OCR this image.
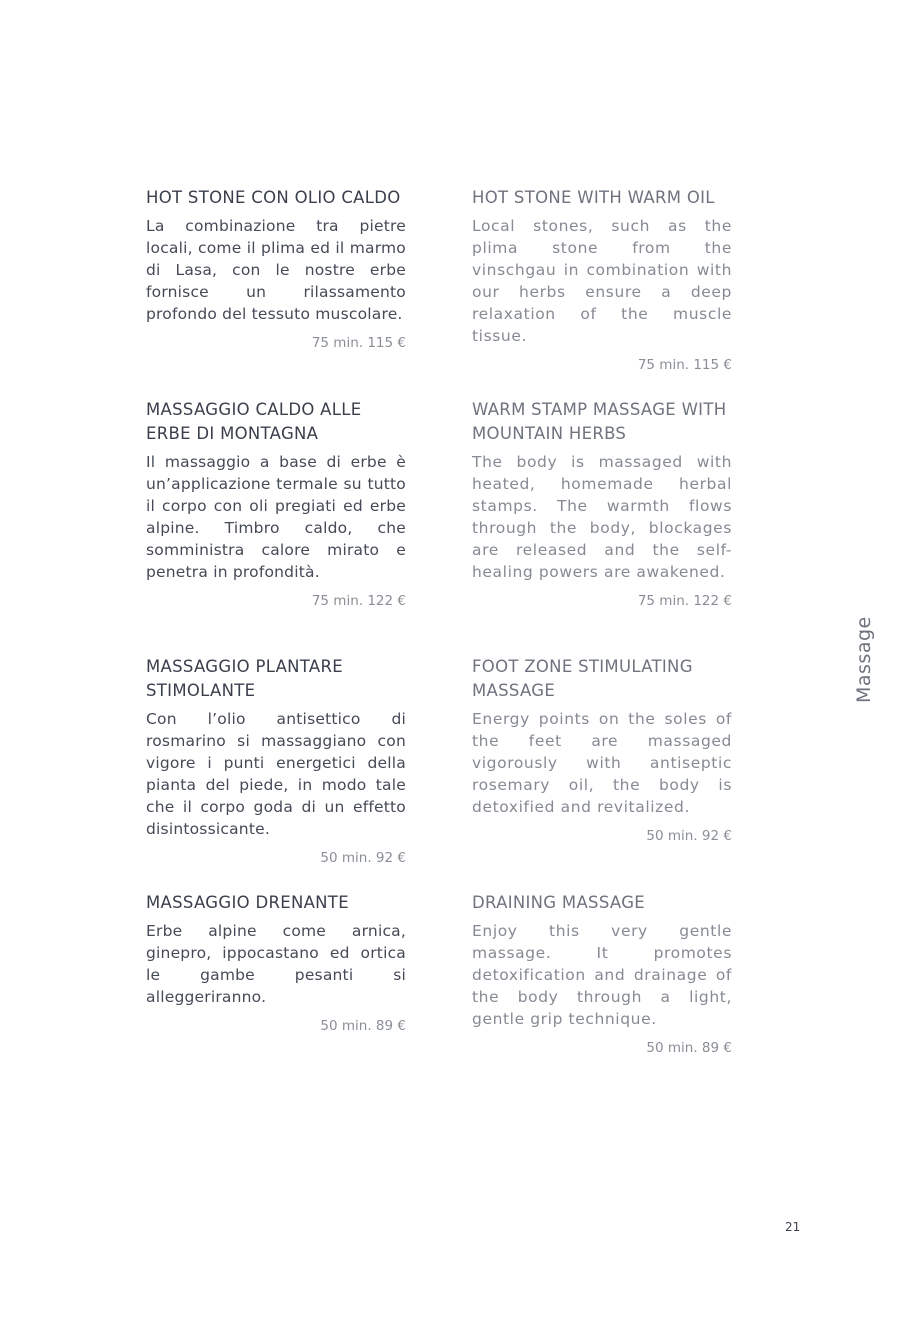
HOT STONE CON OLIO CALDO

La combinazione tra pietre locali, come il plima ed il marmo di Lasa, con le nostre erbe fornisce un rilassamento profondo del tessuto muscolare.

75 min. 115 €
MASSAGGIO CALDO ALLE ERBE DI MONTAGNA

Il massaggio a base di erbe è un’applicazione termale su tutto il corpo con oli pregiati ed erbe alpine. Timbro caldo, che somministra calore mirato e penetra in profondità.

75 min. 122 €
MASSAGGIO PLANTARE STIMOLANTE

Con l’olio antisettico di rosmarino si massaggiano con vigore i punti energetici della pianta del piede, in modo tale che il corpo goda di un effetto disintossicante.

50 min. 92 €
MASSAGGIO DRENANTE

Erbe alpine come arnica, ginepro, ippocastano ed ortica le gambe pesanti si alleggeriranno.

50 min. 89 €
HOT STONE WITH WARM OIL

Local stones, such as the plima stone from the vinschgau in combination with our herbs ensure a deep relaxation of the muscle tissue.

75 min. 115 €
WARM STAMP MASSAGE WITH MOUNTAIN HERBS

The body is massaged with heated, homemade herbal stamps. The warmth flows through the body, blockages are released and the self-healing powers are awakened.

75 min. 122 €
FOOT ZONE STIMULATING MASSAGE

Energy points on the soles of the feet are massaged vigorously with antiseptic rosemary oil, the body is detoxified and revitalized.

50 min. 92 €
DRAINING MASSAGE

Enjoy this very gentle massage. It promotes detoxification and drainage of the body through a light, gentle grip technique.

50 min. 89 €
Massage
21
